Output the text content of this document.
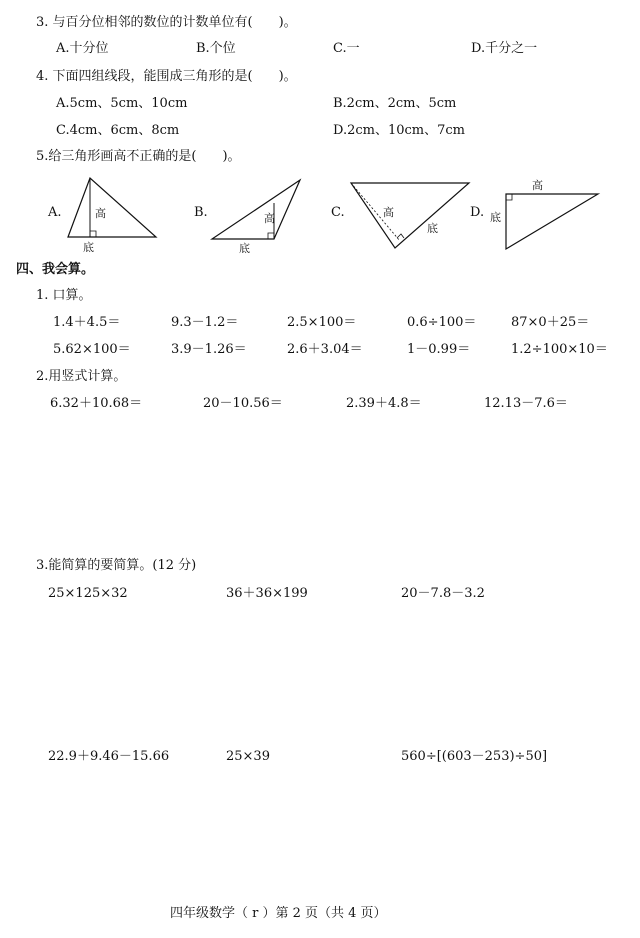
3. 与百分位相邻的数位的计数单位有(　　)。
A.十分位	B.个位	C.一	D.千分之一
4. 下面四组线段，能围成三角形的是(　　)。
A.5cm、5cm、10cm	B.2cm、2cm、5cm
C.4cm、6cm、8cm	D.2cm、10cm、7cm
5.给三角形画高不正确的是(　　)。
A.	高
底
B.	高
底
C.	高
底
D.
高
底
四、我会算。
1. 口算。
1.4＋4.5＝	9.3－1.2＝	2.5×100＝	0.6÷100＝	87×0＋25＝
5.62×100＝	3.9－1.26＝	2.6＋3.04＝	1－0.99＝	1.2÷100×10＝
2.用竖式计算。
6.32＋10.68＝	20－10.56＝	2.39＋4.8＝	12.13－7.6＝
3.能简算的要简算。(12 分)
25×125×32	36＋36×199	20－7.8－3.2
22.9＋9.46－15.66	25×39	560÷[(603－253)÷50]
四年级数学（ r ）第 2 页（共 4 页）
